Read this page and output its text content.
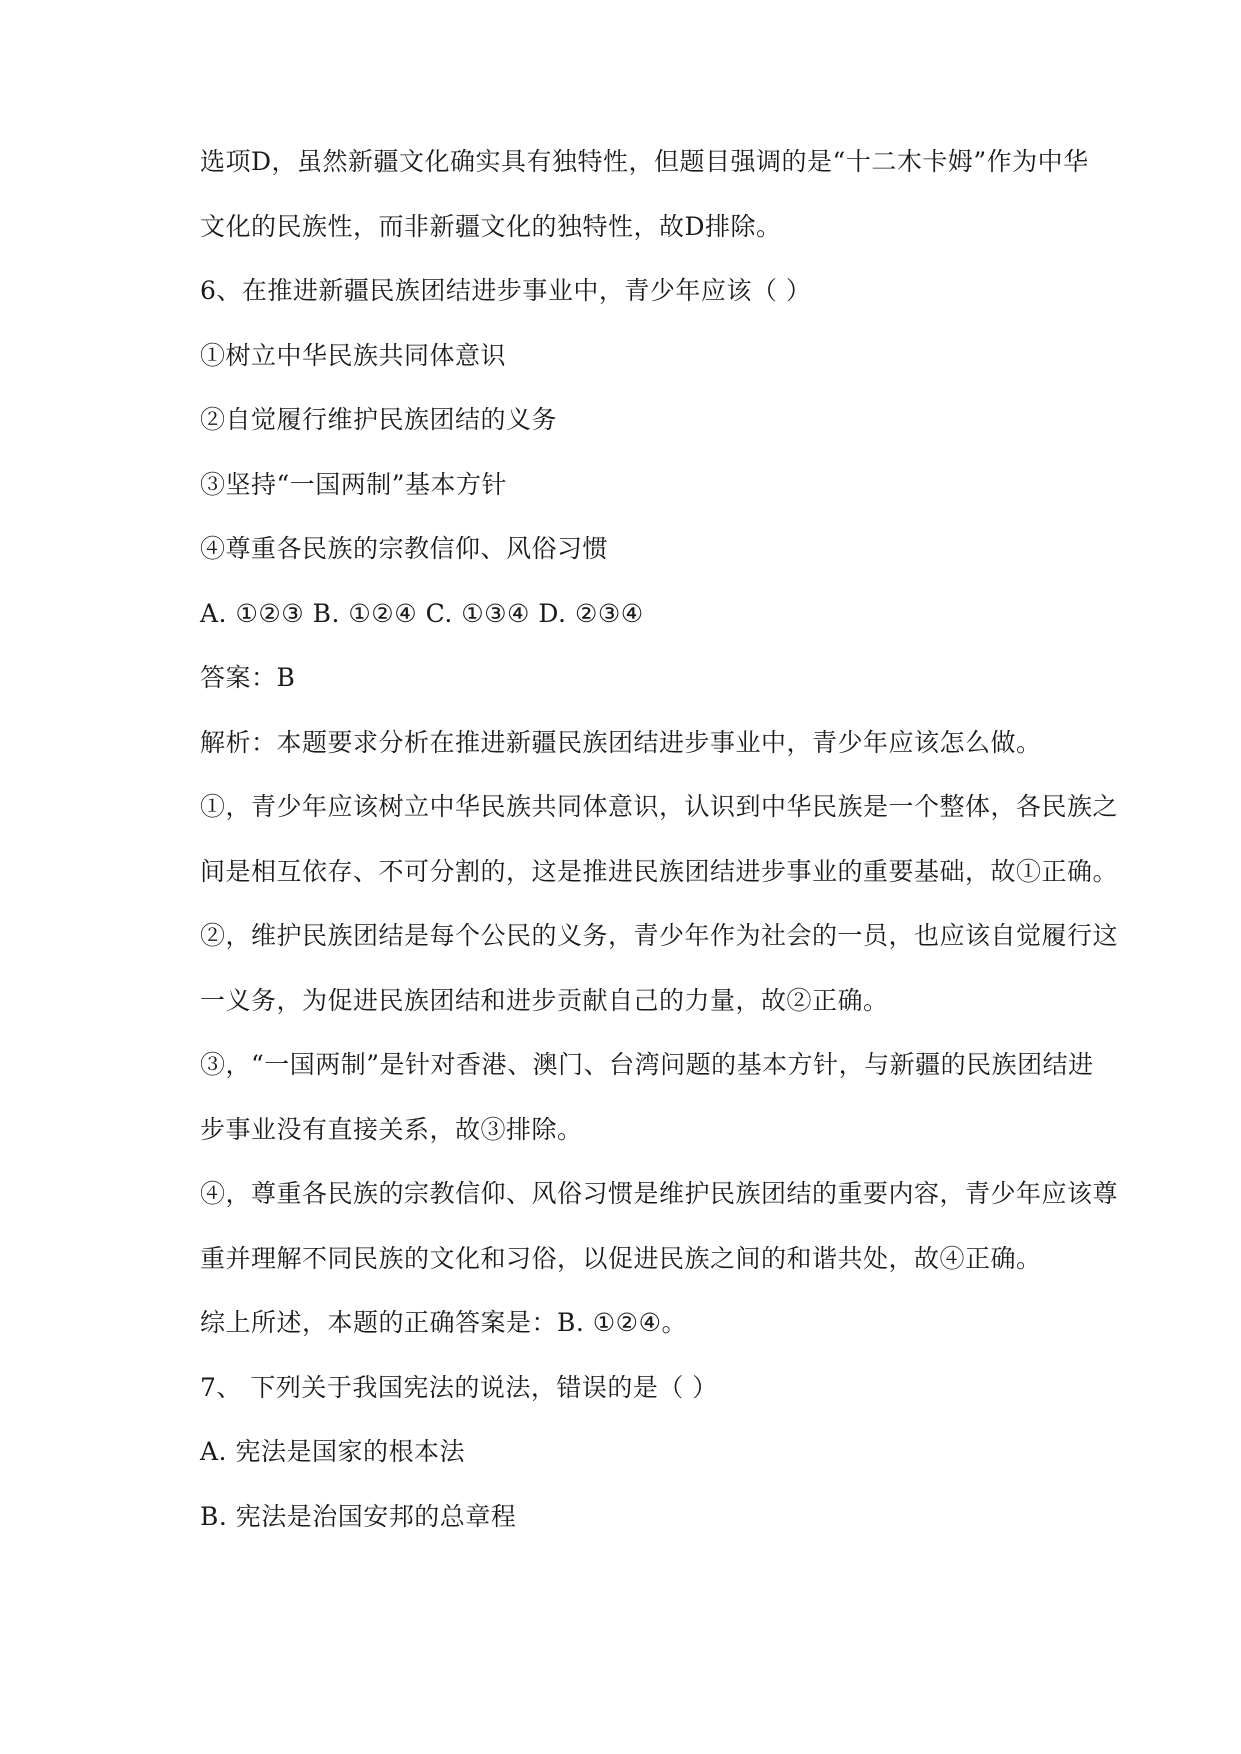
选项D，虽然新疆文化确实具有独特性，但题目强调的是“十二木卡姆”作为中华
文化的民族性，而非新疆文化的独特性，故D排除。
6、在推进新疆民族团结进步事业中，青少年应该（ ）
①树立中华民族共同体意识
②自觉履行维护民族团结的义务
③坚持“一国两制”基本方针
④尊重各民族的宗教信仰、风俗习惯
A. ①②③ B. ①②④ C. ①③④ D. ②③④
答案：B
解析：本题要求分析在推进新疆民族团结进步事业中，青少年应该怎么做。
①，青少年应该树立中华民族共同体意识，认识到中华民族是一个整体，各民族之
间是相互依存、不可分割的，这是推进民族团结进步事业的重要基础，故①正确。
②，维护民族团结是每个公民的义务，青少年作为社会的一员，也应该自觉履行这
一义务，为促进民族团结和进步贡献自己的力量，故②正确。
③，“一国两制”是针对香港、澳门、台湾问题的基本方针，与新疆的民族团结进
步事业没有直接关系，故③排除。
④，尊重各民族的宗教信仰、风俗习惯是维护民族团结的重要内容，青少年应该尊
重并理解不同民族的文化和习俗，以促进民族之间的和谐共处，故④正确。
综上所述，本题的正确答案是：B. ①②④。
7、 下列关于我国宪法的说法，错误的是（ ）
A. 宪法是国家的根本法
B. 宪法是治国安邦的总章程
